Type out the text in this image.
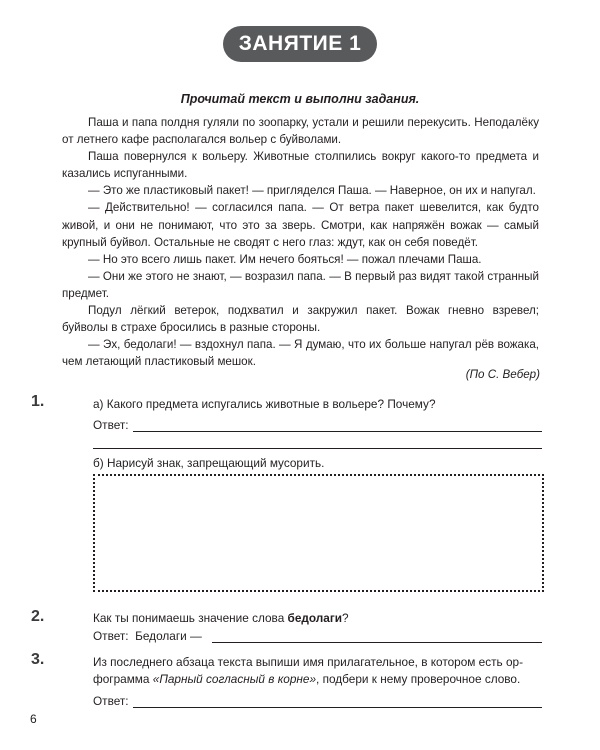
ЗАНЯТИЕ 1
Прочитай текст и выполни задания.

Паша и папа полдня гуляли по зоопарку, устали и решили перекусить. Неподалёку от летнего кафе располагался вольер с буйволами.

Паша повернулся к вольеру. Животные столпились вокруг какого-то предмета и казались испуганными.

— Это же пластиковый пакет! — пригляделся Паша. — Наверное, он их и напугал.

— Действительно! — согласился папа. — От ветра пакет шевелится, как будто живой, и они не понимают, что это за зверь. Смотри, как напряжён вожак — самый крупный буйвол. Остальные не сводят с него глаз: ждут, как он себя поведёт.

— Но это всего лишь пакет. Им нечего бояться! — пожал плечами Паша.

— Они же этого не знают, — возразил папа. — В первый раз видят такой странный предмет.

Подул лёгкий ветерок, подхватил и закружил пакет. Вожак гневно взревел; буйволы в страхе бросились в разные стороны.

— Эх, бедолаги! — вздохнул папа. — Я думаю, что их больше напугал рёв вожака, чем летающий пластиковый мешок.

(По С. Вебер)
1.	а) Какого предмета испугались животные в вольере? Почему?
Ответ:
б) Нарисуй знак, запрещающий мусорить.
2.	Как ты понимаешь значение слова бедолаги?
Ответ: Бедолаги —
3.	Из последнего абзаца текста выпиши имя прилагательное, в котором есть ор-
фограмма «Парный согласный в корне», подбери к нему проверочное слово.
Ответ:
6
